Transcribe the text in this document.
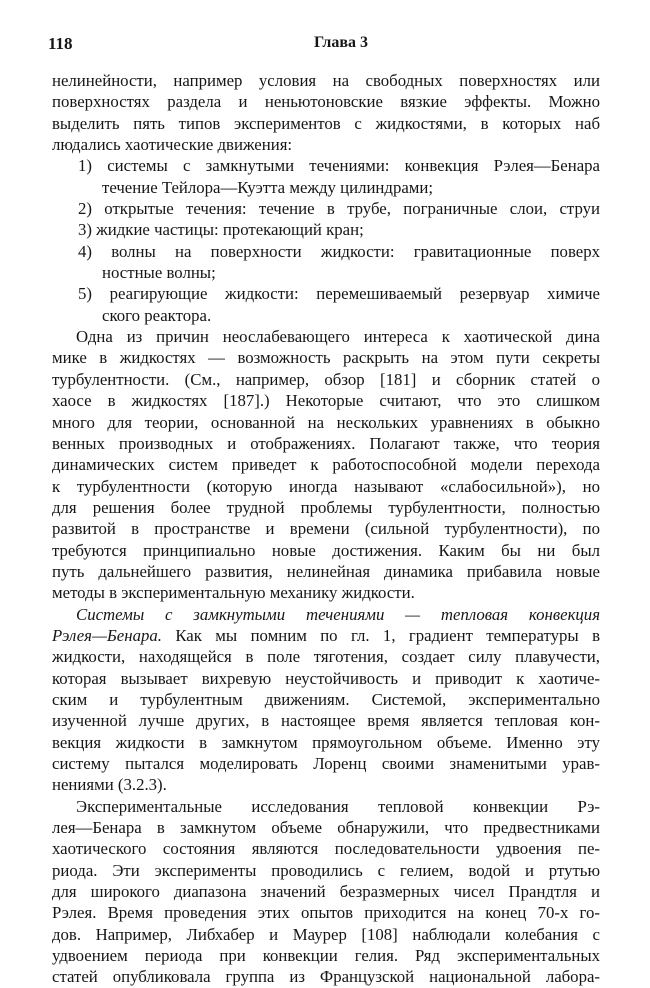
118	Глава 3
нелинейности, например условия на свободных поверхностях или
поверхностях раздела и неньютоновские вязкие эффекты. Можно
выделить пять типов экспериментов с жидкостями, в которых наб
людались хаотические движения:
1) системы с замкнутыми течениями: конвекция Рэлея—Бенара
течение Тейлора—Куэтта между цилиндрами;
2) открытые течения: течение в трубе, пограничные слои, струи
3) жидкие частицы: протекающий кран;
4) волны на поверхности жидкости: гравитационные поверх
ностные волны;
5) реагирующие жидкости: перемешиваемый резервуар химиче
ского реактора.
Одна из причин неослабевающего интереса к хаотической дина
мике в жидкостях — возможность раскрыть на этом пути секреты
турбулентности. (См., например, обзор [181] и сборник статей о
хаосе в жидкостях [187].) Некоторые считают, что это слишком
много для теории, основанной на нескольких уравнениях в обыкно
венных производных и отображениях. Полагают также, что теория
динамических систем приведет к работоспособной модели перехода
к турбулентности (которую иногда называют «слабосильной»), но
для решения более трудной проблемы турбулентности, полностью
развитой в пространстве и времени (сильной турбулентности), по
требуются принципиально новые достижения. Каким бы ни был
путь дальнейшего развития, нелинейная динамика прибавила новые
методы в экспериментальную механику жидкости.
Системы с замкнутыми течениями — тепловая конвекция
Рэлея—Бенара. Как мы помним по гл. 1, градиент температуры в
жидкости, находящейся в поле тяготения, создает силу плавучести,
которая вызывает вихревую неустойчивость и приводит к хаотиче-
ским и турбулентным движениям. Системой, экспериментально
изученной лучше других, в настоящее время является тепловая кон-
векция жидкости в замкнутом прямоугольном объеме. Именно эту
систему пытался моделировать Лоренц своими знаменитыми урав-
нениями (3.2.3).
Экспериментальные исследования тепловой конвекции Рэ-
лея—Бенара в замкнутом объеме обнаружили, что предвестниками
хаотического состояния являются последовательности удвоения пе-
риода. Эти эксперименты проводились с гелием, водой и ртутью
для широкого диапазона значений безразмерных чисел Прандтля и
Рэлея. Время проведения этих опытов приходится на конец 70-х го-
дов. Например, Либхабер и Маурер [108] наблюдали колебания с
удвоением периода при конвекции гелия. Ряд экспериментальных
статей опубликовала группа из Французской национальной лабора-
